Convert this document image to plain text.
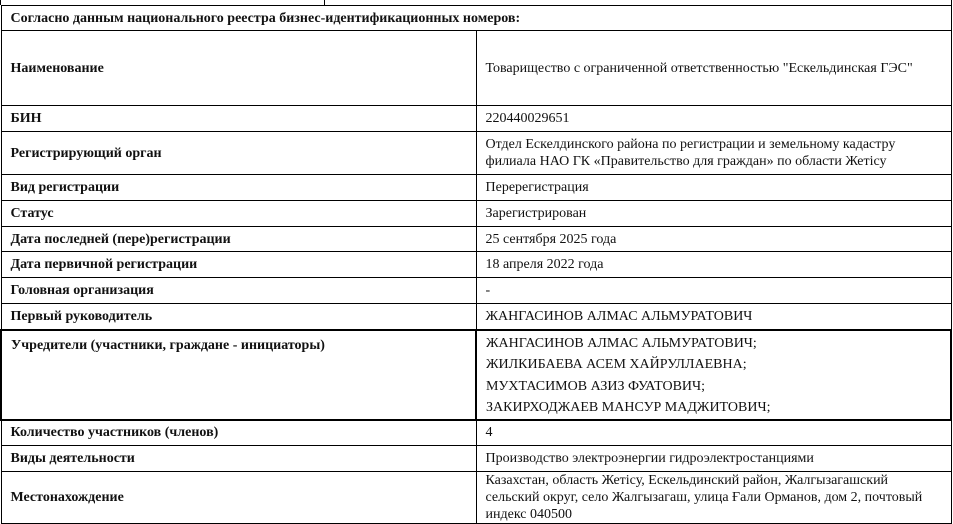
Согласно данным национального реестра бизнес-идентификационных номеров:	
Наименование	Товарищество с ограниченной ответственностью "Ескельдинская ГЭС"
БИН	220440029651
Регистрирующий орган	Отдел Ескелдинского района по регистрации и земельному кадастру филиала НАО ГК «Правительство для граждан» по области Жетісу
Вид регистрации	Перерегистрация
Статус	Зарегистрирован
Дата последней (пере)регистрации	25 сентября 2025 года
Дата первичной регистрации	18 апреля 2022 года
Головная организация	-
Первый руководитель	ЖАНГАСИНОВ АЛМАС АЛЬМУРАТОВИЧ
Учредители (участники, граждане - инициаторы)	ЖАНГАСИНОВ АЛМАС АЛЬМУРАТОВИЧ;
ЖИЛКИБАЕВА АСЕМ ХАЙРУЛЛАЕВНА;
МУХТАСИМОВ АЗИЗ ФУАТОВИЧ;
ЗАКИРХОДЖАЕВ МАНСУР МАДЖИТОВИЧ;

Количество участников (членов)	4
Виды деятельности	Производство электроэнергии гидроэлектростанциями
Местонахождение	Казахстан, область Жетісу, Ескельдинский район, Жалгызагашский сельский округ, село Жалгызагаш, улица Ғали Орманов, дом 2, почтовый индекс 040500
